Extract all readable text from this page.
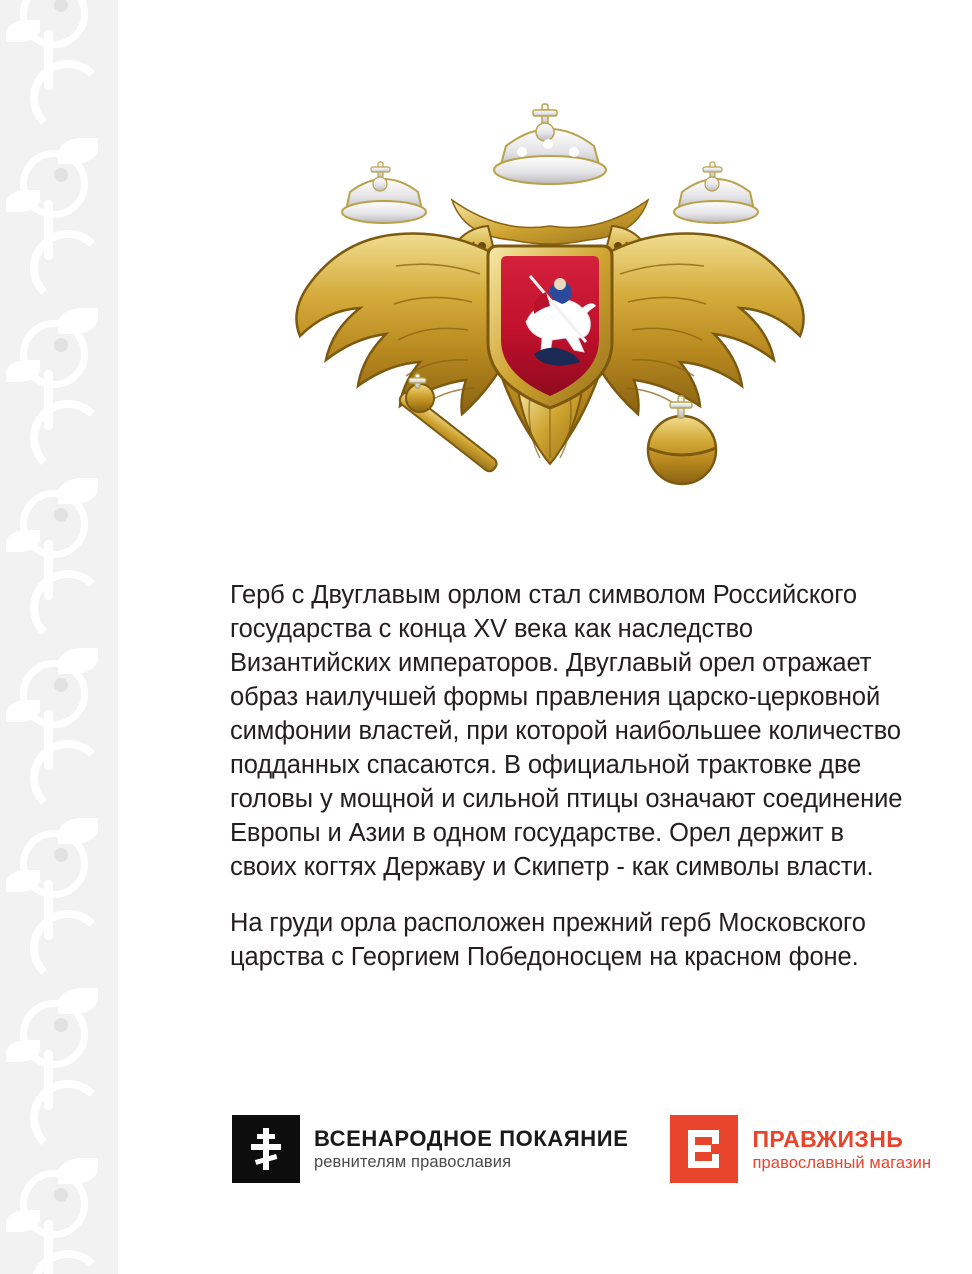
Герб с Двуглавым орлом стал символом Российского государства с конца XV века как наследство Византийских императоров. Двуглавый орел отражает образ наилучшей формы правления царско-церковной симфонии властей, при которой наибольшее количество подданных спасаются. В официальной трактовке две головы у мощной и сильной птицы означают соединение Европы и Азии в одном государстве. Орел держит в своих когтях Державу и Скипетр - как символы власти.

На груди орла расположен прежний герб Московского царства с Георгием Победоносцем на красном фоне.

ВСЕНАРОДНОЕ ПОКАЯНИЕ
ревнителям православия
ПРАВЖИЗНЬ
православный магазин
